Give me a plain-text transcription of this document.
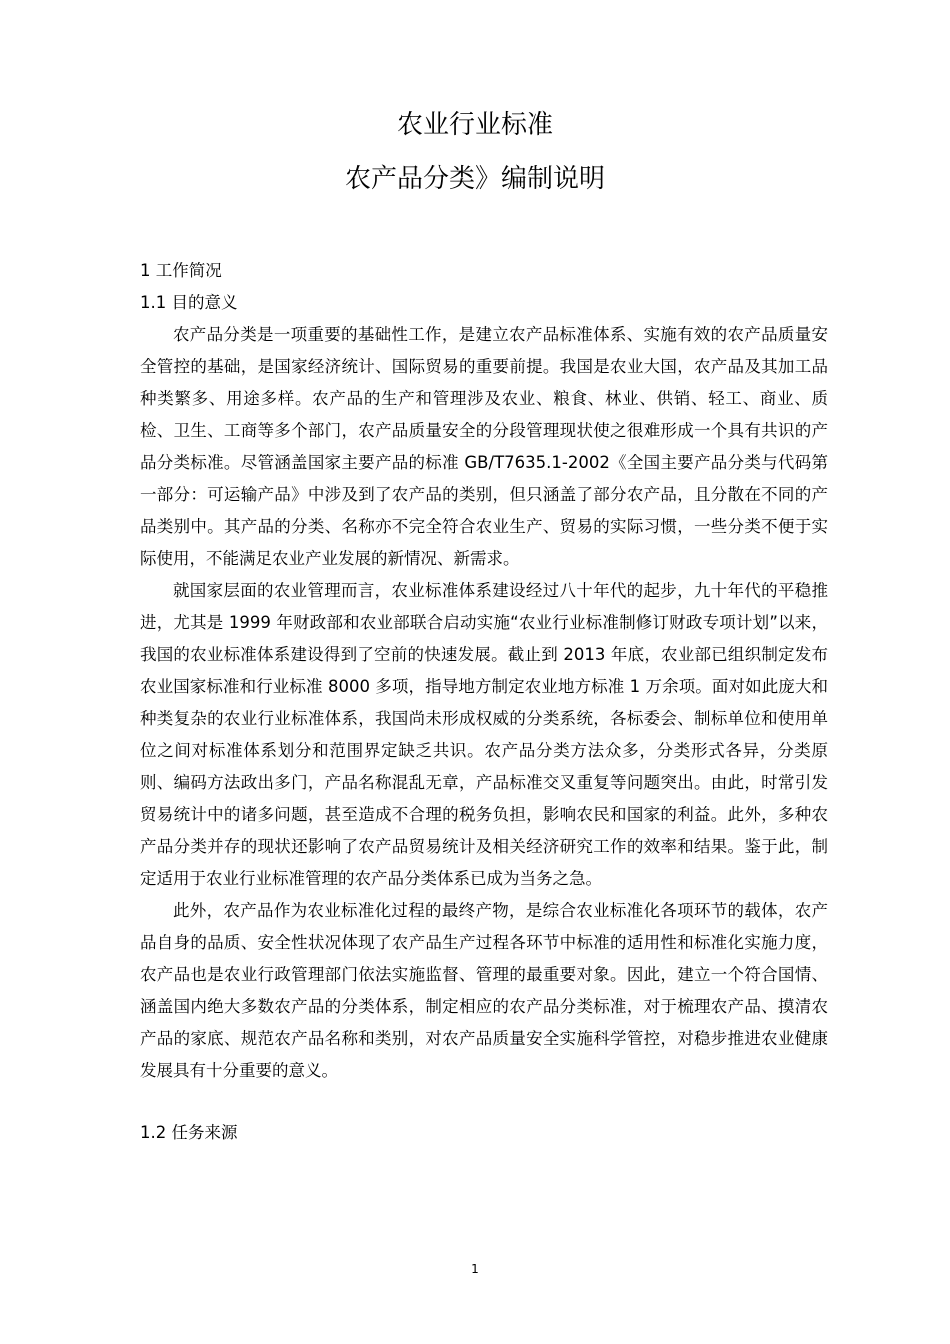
农业行业标准
农产品分类》编制说明

1 工作简况

1.1 目的意义

农产品分类是一项重要的基础性工作，是建立农产品标准体系、实施有效的农产品质量安全管控的基础，是国家经济统计、国际贸易的重要前提。我国是农业大国，农产品及其加工品种类繁多、用途多样。农产品的生产和管理涉及农业、粮食、林业、供销、轻工、商业、质检、卫生、工商等多个部门，农产品质量安全的分段管理现状使之很难形成一个具有共识的产品分类标准。尽管涵盖国家主要产品的标准 GB/T7635.1-2002《全国主要产品分类与代码第一部分：可运输产品》中涉及到了农产品的类别，但只涵盖了部分农产品，且分散在不同的产品类别中。其产品的分类、名称亦不完全符合农业生产、贸易的实际习惯，一些分类不便于实际使用，不能满足农业产业发展的新情况、新需求。

就国家层面的农业管理而言，农业标准体系建设经过八十年代的起步，九十年代的平稳推进，尤其是 1999 年财政部和农业部联合启动实施“农业行业标准制修订财政专项计划”以来，我国的农业标准体系建设得到了空前的快速发展。截止到 2013 年底，农业部已组织制定发布农业国家标准和行业标准 8000 多项，指导地方制定农业地方标准 1 万余项。面对如此庞大和种类复杂的农业行业标准体系，我国尚未形成权威的分类系统，各标委会、制标单位和使用单位之间对标准体系划分和范围界定缺乏共识。农产品分类方法众多，分类形式各异，分类原则、编码方法政出多门，产品名称混乱无章，产品标准交叉重复等问题突出。由此，时常引发贸易统计中的诸多问题，甚至造成不合理的税务负担，影响农民和国家的利益。此外，多种农产品分类并存的现状还影响了农产品贸易统计及相关经济研究工作的效率和结果。鉴于此，制定适用于农业行业标准管理的农产品分类体系已成为当务之急。

此外，农产品作为农业标准化过程的最终产物，是综合农业标准化各项环节的载体，农产品自身的品质、安全性状况体现了农产品生产过程各环节中标准的适用性和标准化实施力度，农产品也是农业行政管理部门依法实施监督、管理的最重要对象。因此，建立一个符合国情、涵盖国内绝大多数农产品的分类体系，制定相应的农产品分类标准，对于梳理农产品、摸清农产品的家底、规范农产品名称和类别，对农产品质量安全实施科学管控，对稳步推进农业健康发展具有十分重要的意义。

1.2 任务来源

1
